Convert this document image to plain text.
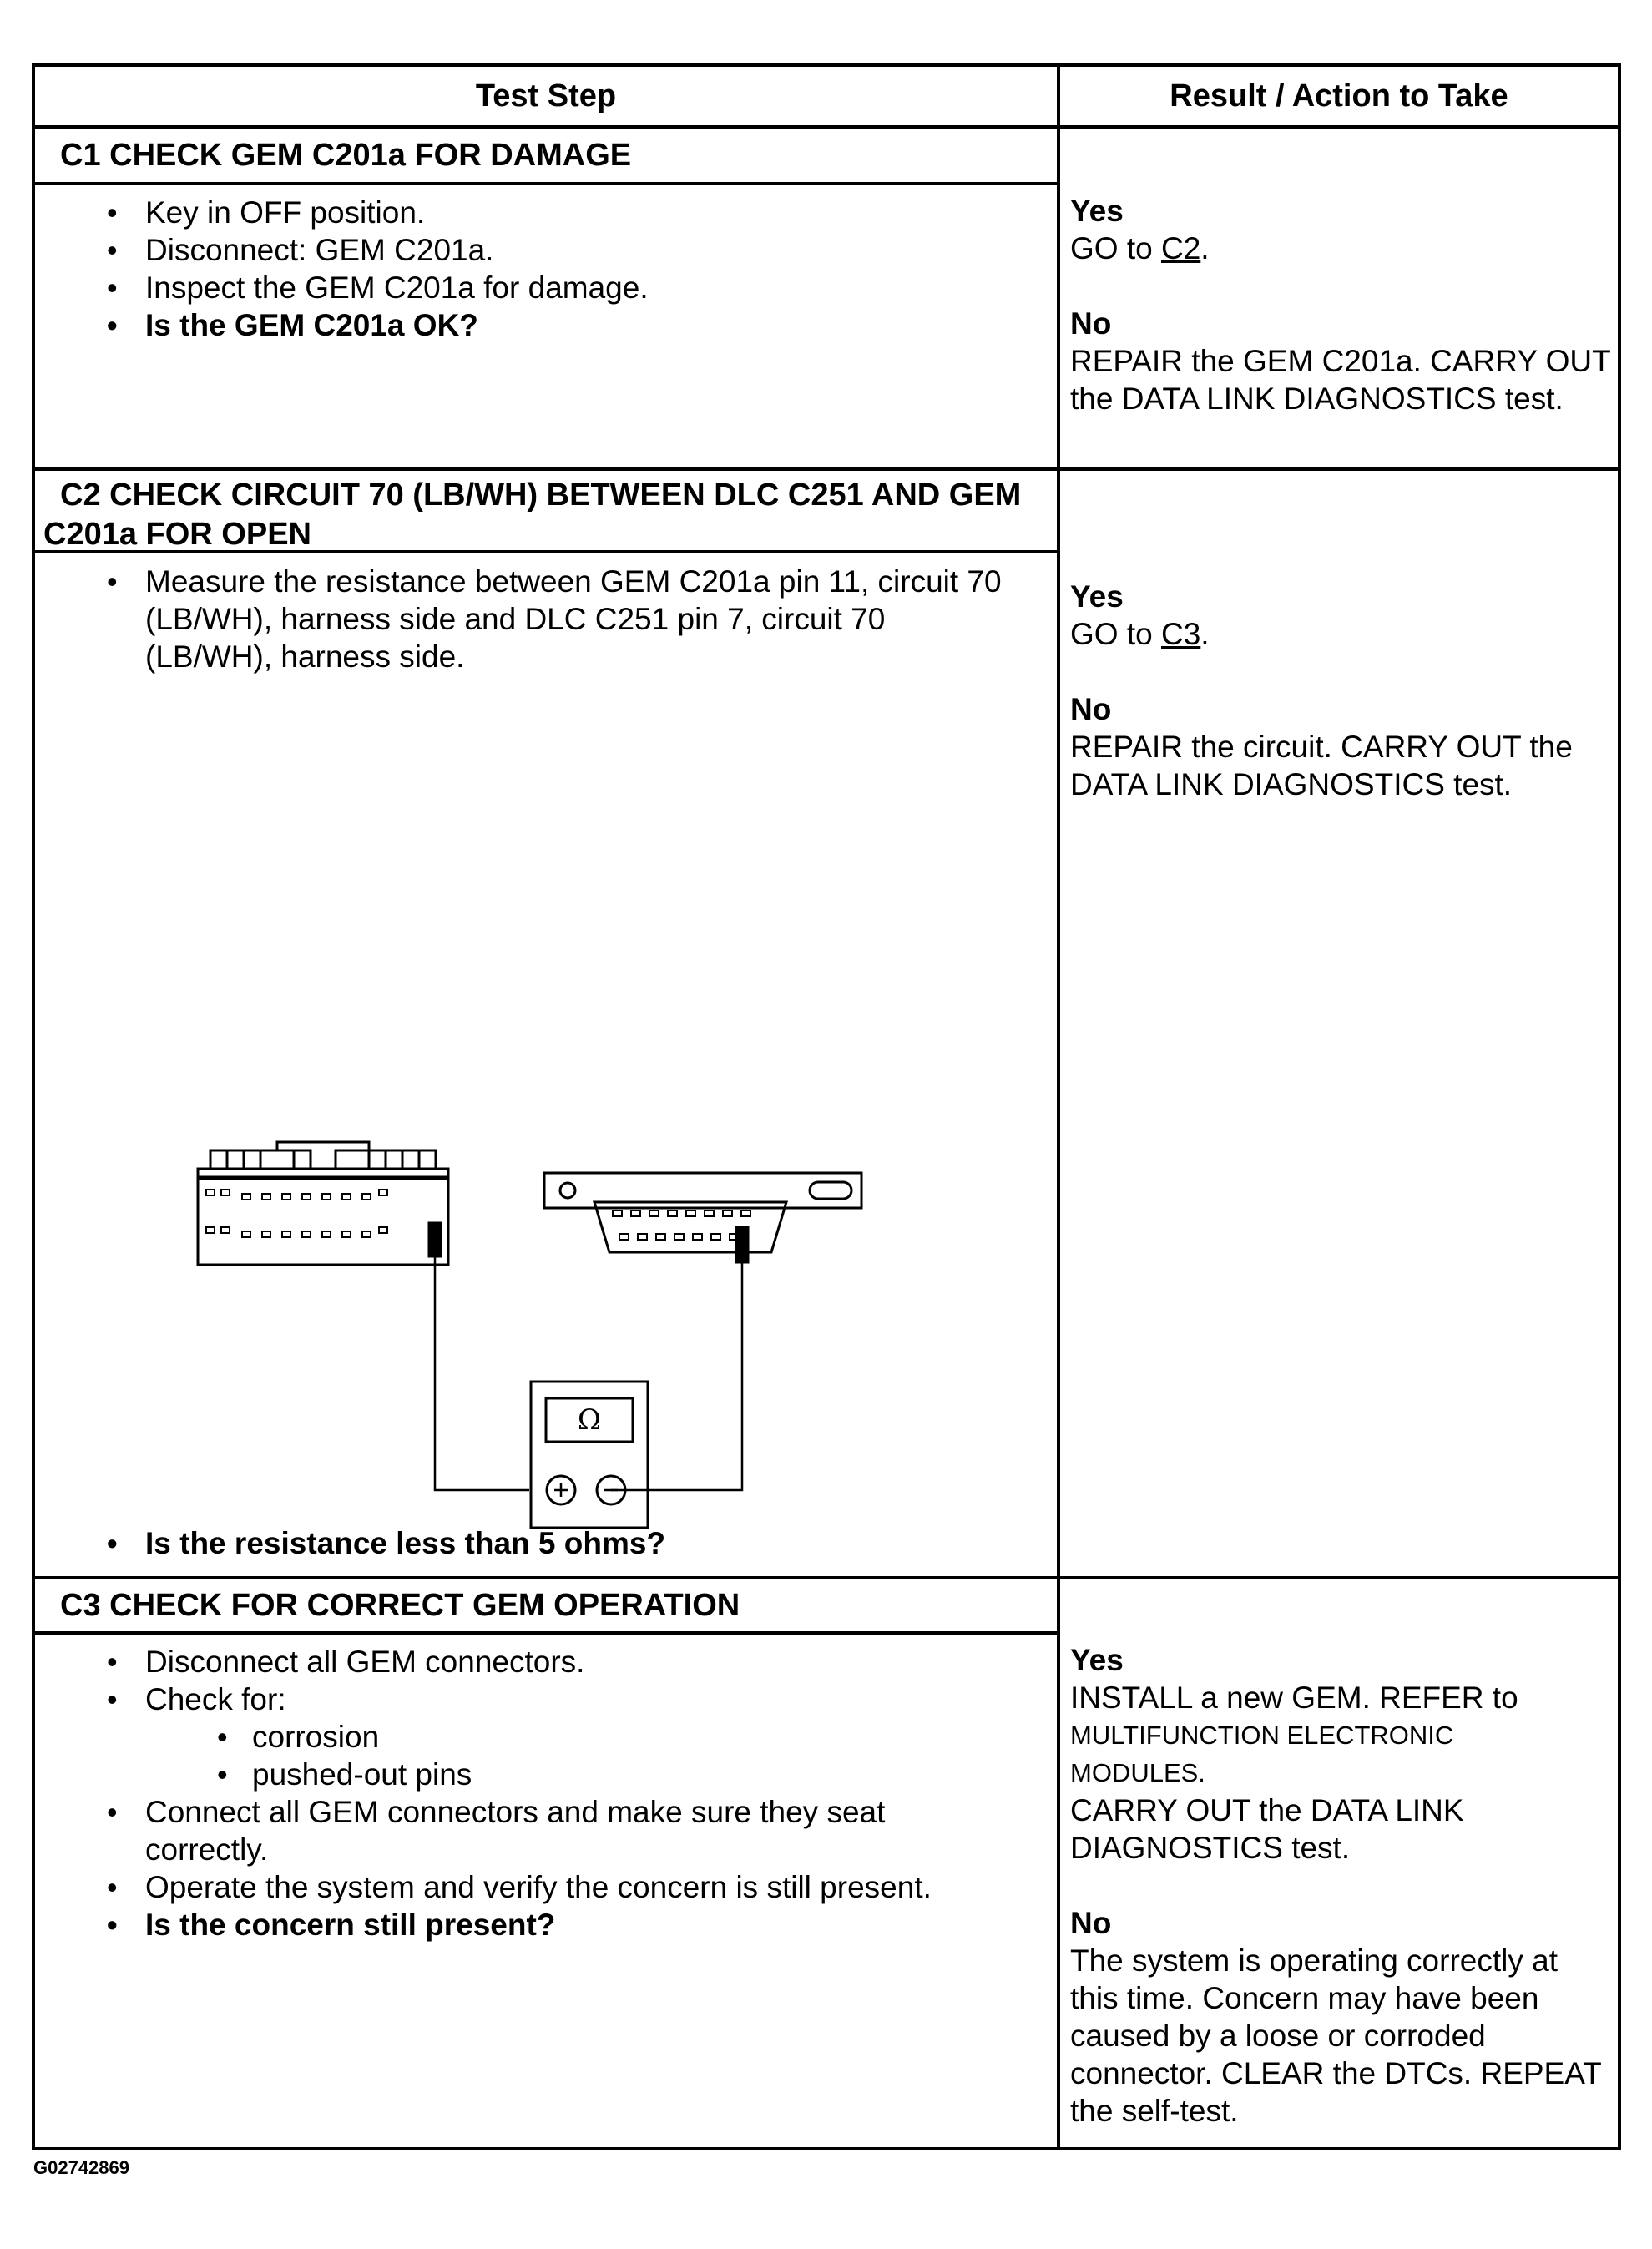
Test Step	Result / Action to Take
C1 CHECK GEM C201a FOR DAMAGE
• Key in OFF position.
• Disconnect: GEM C201a.
• Inspect the GEM C201a for damage.
• Is the GEM C201a OK?
Yes
GO to C2.
No
REPAIR the GEM C201a. CARRY OUT the DATA LINK DIAGNOSTICS test.
C2 CHECK CIRCUIT 70 (LB/WH) BETWEEN DLC C251 AND GEM C201a FOR OPEN
• Measure the resistance between GEM C201a pin 11, circuit 70 (LB/WH), harness side and DLC C251 pin 7, circuit 70 (LB/WH), harness side.
Ω
• Is the resistance less than 5 ohms?
Yes
GO to C3.
No
REPAIR the circuit. CARRY OUT the DATA LINK DIAGNOSTICS test.
C3 CHECK FOR CORRECT GEM OPERATION
• Disconnect all GEM connectors.
• Check for:
• corrosion
• pushed-out pins
• Connect all GEM connectors and make sure they seat correctly.
• Operate the system and verify the concern is still present.
• Is the concern still present?
Yes
INSTALL a new GEM. REFER to
MULTIFUNCTION ELECTRONIC
MODULES.
CARRY OUT the DATA LINK DIAGNOSTICS test.
No
The system is operating correctly at this time. Concern may have been caused by a loose or corroded connector. CLEAR the DTCs. REPEAT the self-test.
G02742869
